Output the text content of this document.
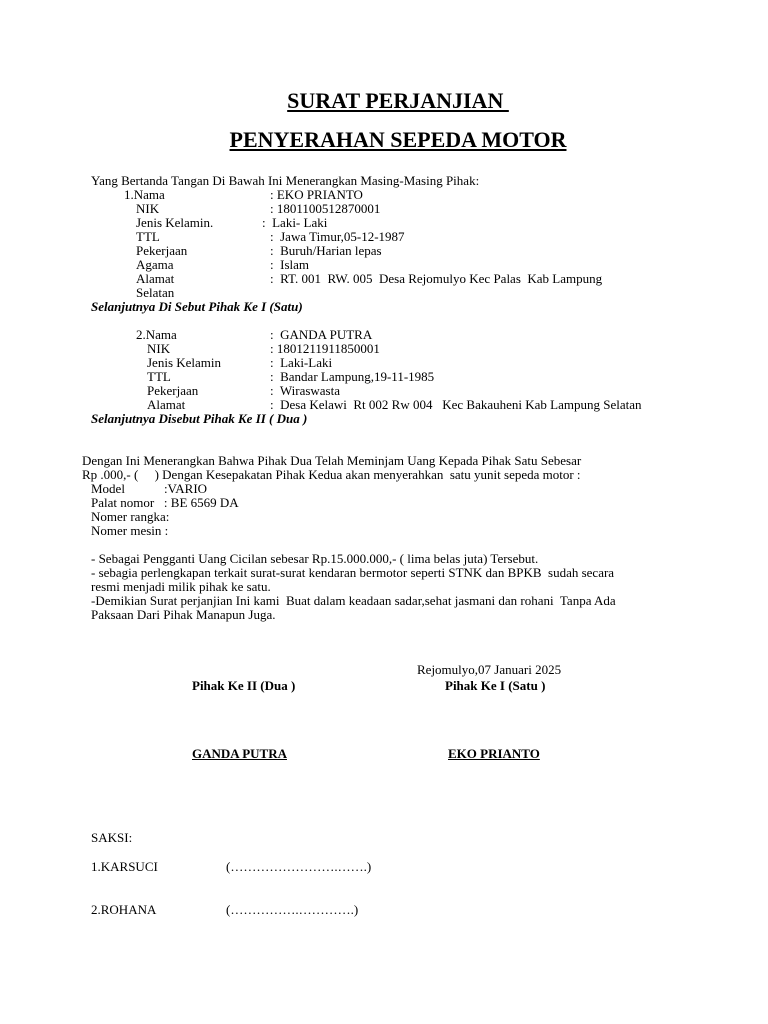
SURAT PERJANJIAN
PENYERAHAN SEPEDA MOTOR
Yang Bertanda Tangan Di Bawah Ini Menerangkan Masing-Masing Pihak:
1.Nama	: EKO PRIANTO
NIK	: 1801100512870001
Jenis Kelamin.	:  Laki- Laki
TTL	:  Jawa Timur,05-12-1987
Pekerjaan	:  Buruh/Harian lepas
Agama	:  Islam
Alamat	:  RT. 001  RW. 005  Desa Rejomulyo Kec Palas  Kab Lampung
Selatan
Selanjutnya Di Sebut Pihak Ke I (Satu)
2.Nama	:  GANDA PUTRA
NIK	: 1801211911850001
Jenis Kelamin	:  Laki-Laki
TTL	:  Bandar Lampung,19-11-1985
Pekerjaan	:  Wiraswasta
Alamat	:  Desa Kelawi  Rt 002 Rw 004   Kec Bakauheni Kab Lampung Selatan
Selanjutnya Disebut Pihak Ke II ( Dua )
Dengan Ini Menerangkan Bahwa Pihak Dua Telah Meminjam Uang Kepada Pihak Satu Sebesar
Rp .000,- (     ) Dengan Kesepakatan Pihak Kedua akan menyerahkan  satu yunit sepeda motor :
Model            :VARIO
Palat nomor   : BE 6569 DA
Nomer rangka:
Nomer mesin :
- Sebagai Pengganti Uang Cicilan sebesar Rp.15.000.000,- ( lima belas juta) Tersebut.
- sebagia perlengkapan terkait surat-surat kendaran bermotor seperti STNK dan BPKB  sudah secara
resmi menjadi milik pihak ke satu.
-Demikian Surat perjanjian Ini kami  Buat dalam keadaan sadar,sehat jasmani dan rohani  Tanpa Ada
Paksaan Dari Pihak Manapun Juga.
Rejomulyo,07 Januari 2025
Pihak Ke II (Dua )	Pihak Ke I (Satu )
GANDA PUTRA	EKO PRIANTO
SAKSI:
1.KARSUCI	(…………………….…….)
2.ROHANA	(…………….………….)
